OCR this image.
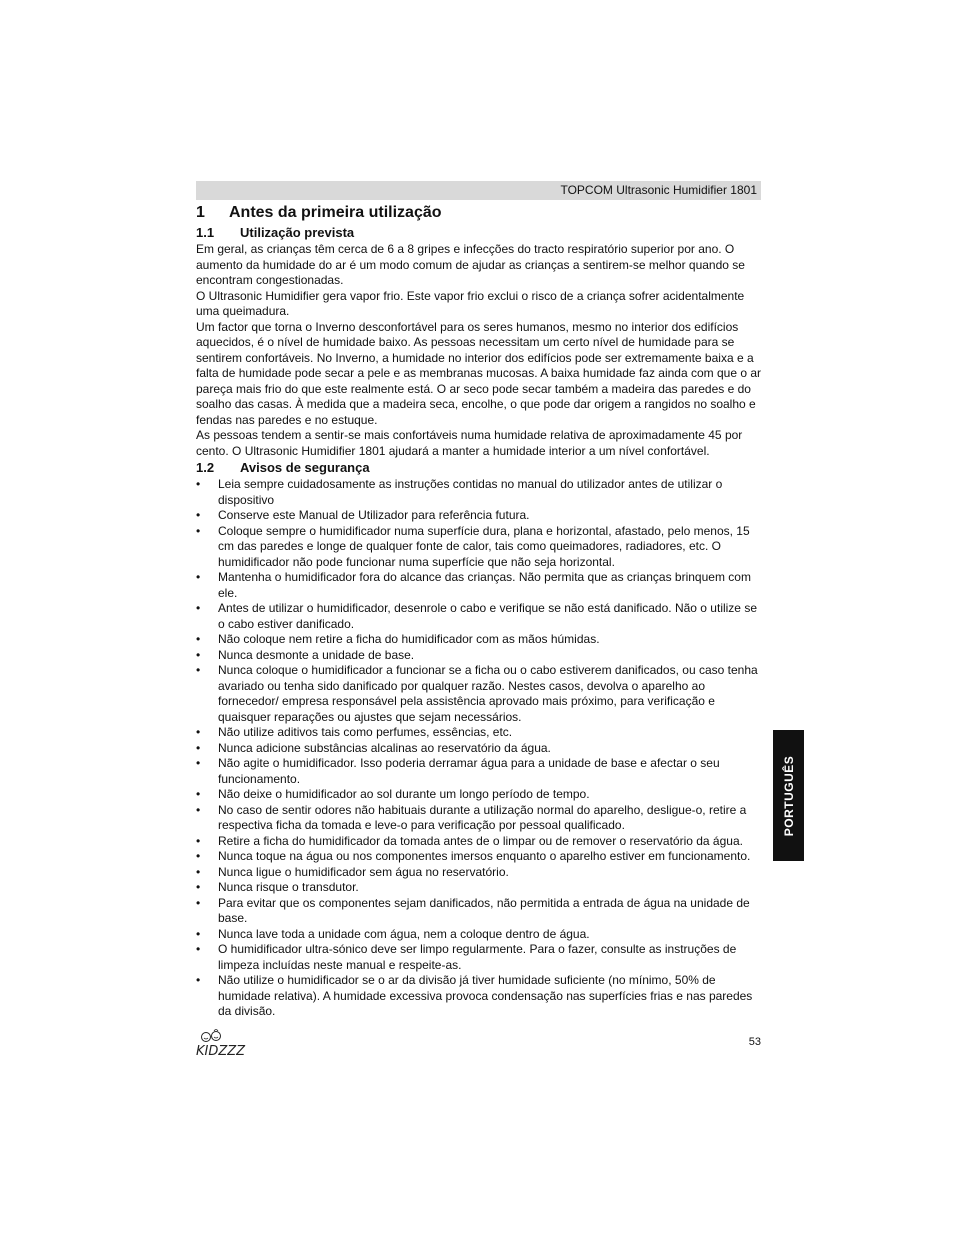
TOPCOM Ultrasonic Humidifier 1801
1	Antes da primeira utilização
1.1	Utilização prevista

Em geral, as crianças têm cerca de 6 a 8 gripes e infecções do tracto respiratório superior por ano. O aumento da humidade do ar é um modo comum de ajudar as crianças a sentirem-se melhor quando se encontram congestionadas.

O Ultrasonic Humidifier gera vapor frio. Este vapor frio exclui o risco de a criança sofrer acidentalmente uma queimadura.

Um factor que torna o Inverno desconfortável para os seres humanos, mesmo no interior dos edifícios aquecidos, é o nível de humidade baixo. As pessoas necessitam um certo nível de humidade para se sentirem confortáveis. No Inverno, a humidade no interior dos edifícios pode ser extremamente baixa e a falta de humidade pode secar a pele e as membranas mucosas. A baixa humidade faz ainda com que o ar pareça mais frio do que este realmente está. O ar seco pode secar também a madeira das paredes e do soalho das casas. À medida que a madeira seca, encolhe, o que pode dar origem a rangidos no soalho e fendas nas paredes e no estuque.

As pessoas tendem a sentir-se mais confortáveis numa humidade relativa de aproximadamente 45 por cento. O Ultrasonic Humidifier 1801 ajudará a manter a humidade interior a um nível confortável.

1.2	Avisos de segurança
•	Leia sempre cuidadosamente as instruções contidas no manual do utilizador antes de utilizar o dispositivo
•	Conserve este Manual de Utilizador para referência futura.
•	Coloque sempre o humidificador numa superfície dura, plana e horizontal, afastado, pelo menos, 15 cm das paredes e longe de qualquer fonte de calor, tais como queimadores, radiadores, etc. O humidificador não pode funcionar numa superfície que não seja horizontal.
•	Mantenha o humidificador fora do alcance das crianças. Não permita que as crianças brinquem com ele.
•	Antes de utilizar o humidificador, desenrole o cabo e verifique se não está danificado. Não o utilize se o cabo estiver danificado.
•	Não coloque nem retire a ficha do humidificador com as mãos húmidas.
•	Nunca desmonte a unidade de base.
•	Nunca coloque o humidificador a funcionar se a ficha ou o cabo estiverem danificados, ou caso tenha avariado ou tenha sido danificado por qualquer razão. Nestes casos, devolva o aparelho ao fornecedor/ empresa responsável pela assistência aprovado mais próximo, para verificação e quaisquer reparações ou ajustes que sejam necessários.
•	Não utilize aditivos tais como perfumes, essências, etc.
•	Nunca adicione substâncias alcalinas ao reservatório da água.
•	Não agite o humidificador. Isso poderia derramar água para a unidade de base e afectar o seu funcionamento.
•	Não deixe o humidificador ao sol durante um longo período de tempo.
•	No caso de sentir odores não habituais durante a utilização normal do aparelho, desligue-o, retire a respectiva ficha da tomada e leve-o para verificação por pessoal qualificado.
•	Retire a ficha do humidificador da tomada antes de o limpar ou de remover o reservatório da água.
•	Nunca toque na água ou nos componentes imersos enquanto o aparelho estiver em funcionamento.
•	Nunca ligue o humidificador sem água no reservatório.
•	Nunca risque o transdutor.
•	Para evitar que os componentes sejam danificados, não permitida a entrada de água na unidade de base.
•	Nunca lave toda a unidade com água, nem a coloque dentro de água.
•	O humidificador ultra-sónico deve ser limpo regularmente. Para o fazer, consulte as instruções de limpeza incluídas neste manual e respeite-as.
•	Não utilize o humidificador se o ar da divisão já tiver humidade suficiente (no mínimo, 50% de humidade relativa). A humidade excessiva provoca condensação nas superfícies frias e nas paredes da divisão.
PORTUGUÊS
KIDZZZ
53
